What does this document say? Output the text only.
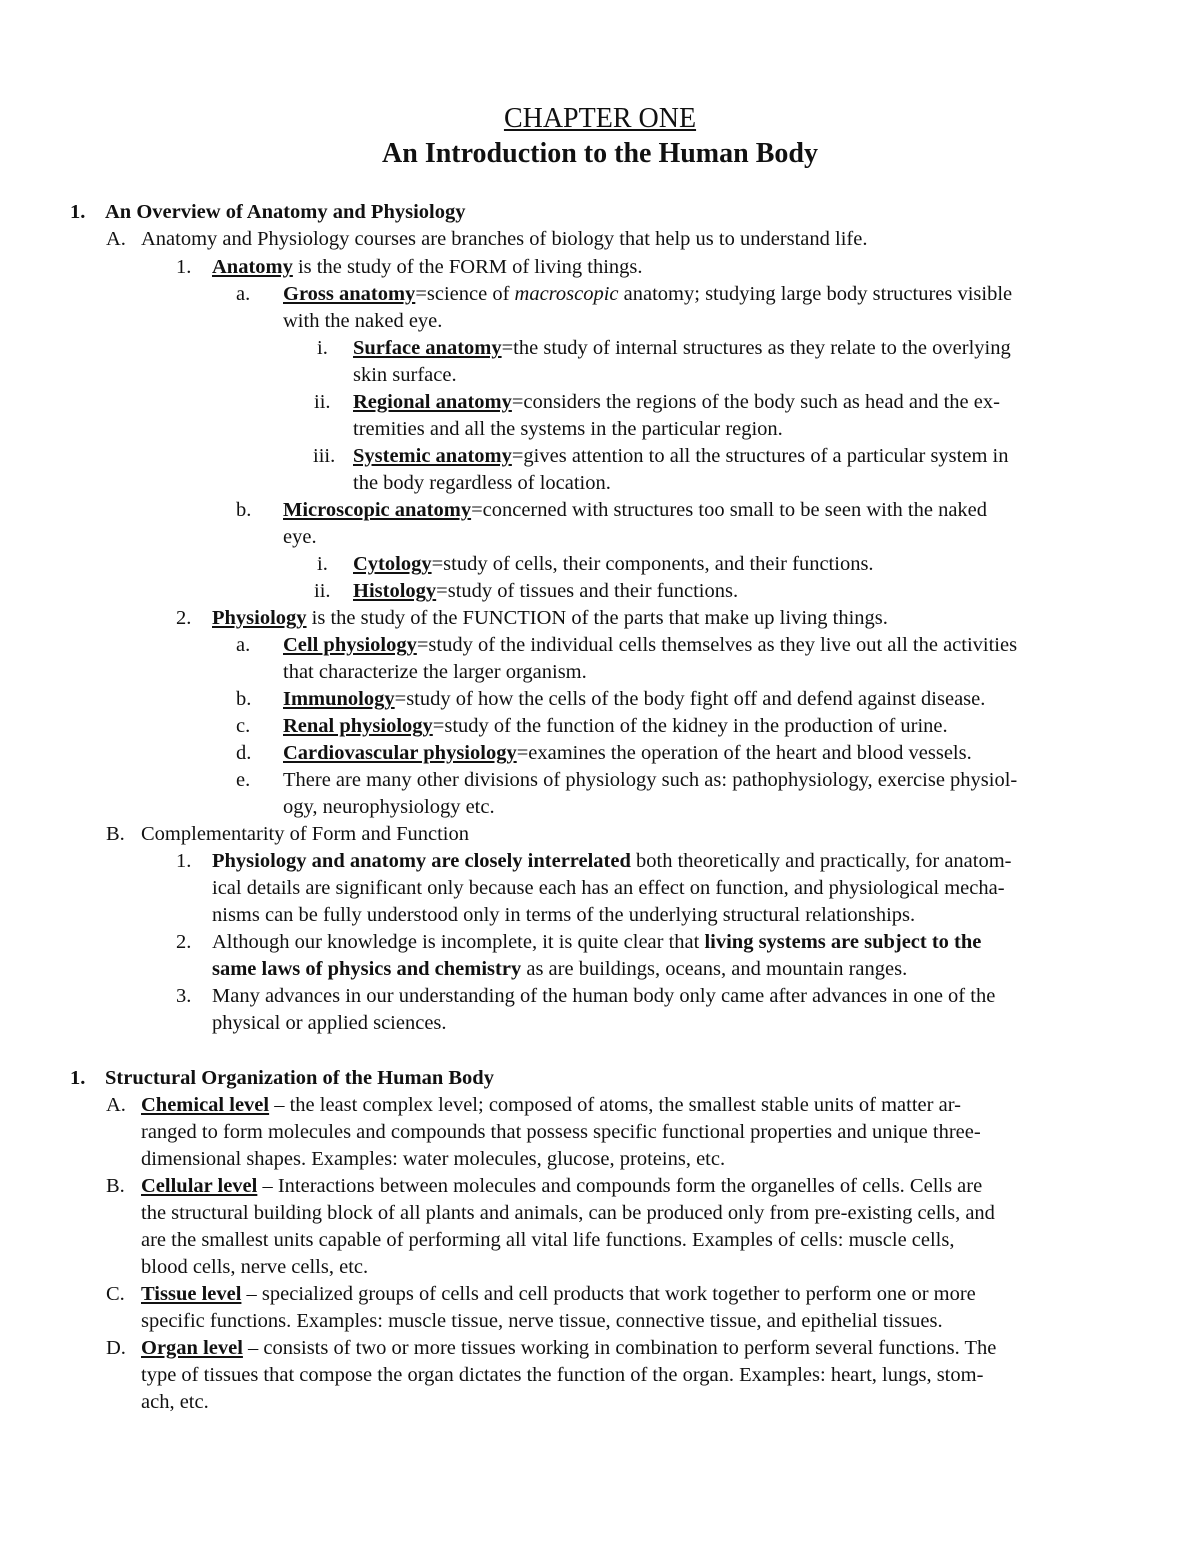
CHAPTER ONE
An Introduction to the Human Body
1. An Overview of Anatomy and Physiology
A. Anatomy and Physiology courses are branches of biology that help us to understand life.
1. Anatomy is the study of the FORM of living things.
a. Gross anatomy=science of macroscopic anatomy; studying large body structures visible
with the naked eye.
i. Surface anatomy=the study of internal structures as they relate to the overlying
skin surface.
ii. Regional anatomy=considers the regions of the body such as head and the ex-
tremities and all the systems in the particular region.
iii. Systemic anatomy=gives attention to all the structures of a particular system in
the body regardless of location.
b. Microscopic anatomy=concerned with structures too small to be seen with the naked
eye.
i. Cytology=study of cells, their components, and their functions.
ii. Histology=study of tissues and their functions.
2. Physiology is the study of the FUNCTION of the parts that make up living things.
a. Cell physiology=study of the individual cells themselves as they live out all the activities
that characterize the larger organism.
b. Immunology=study of how the cells of the body fight off and defend against disease.
c. Renal physiology=study of the function of the kidney in the production of urine.
d. Cardiovascular physiology=examines the operation of the heart and blood vessels.
e. There are many other divisions of physiology such as: pathophysiology, exercise physiol-
ogy, neurophysiology etc.
B. Complementarity of Form and Function
1. Physiology and anatomy are closely interrelated both theoretically and practically, for anatom-
ical details are significant only because each has an effect on function, and physiological mecha-
nisms can be fully understood only in terms of the underlying structural relationships.
2. Although our knowledge is incomplete, it is quite clear that living systems are subject to the
same laws of physics and chemistry as are buildings, oceans, and mountain ranges.
3. Many advances in our understanding of the human body only came after advances in one of the
physical or applied sciences.
1. Structural Organization of the Human Body
A. Chemical level – the least complex level; composed of atoms, the smallest stable units of matter ar-
ranged to form molecules and compounds that possess specific functional properties and unique three-
dimensional shapes. Examples: water molecules, glucose, proteins, etc.
B. Cellular level – Interactions between molecules and compounds form the organelles of cells. Cells are
the structural building block of all plants and animals, can be produced only from pre-existing cells, and
are the smallest units capable of performing all vital life functions. Examples of cells: muscle cells,
blood cells, nerve cells, etc.
C. Tissue level – specialized groups of cells and cell products that work together to perform one or more
specific functions. Examples: muscle tissue, nerve tissue, connective tissue, and epithelial tissues.
D. Organ level – consists of two or more tissues working in combination to perform several functions. The
type of tissues that compose the organ dictates the function of the organ. Examples: heart, lungs, stom-
ach, etc.
